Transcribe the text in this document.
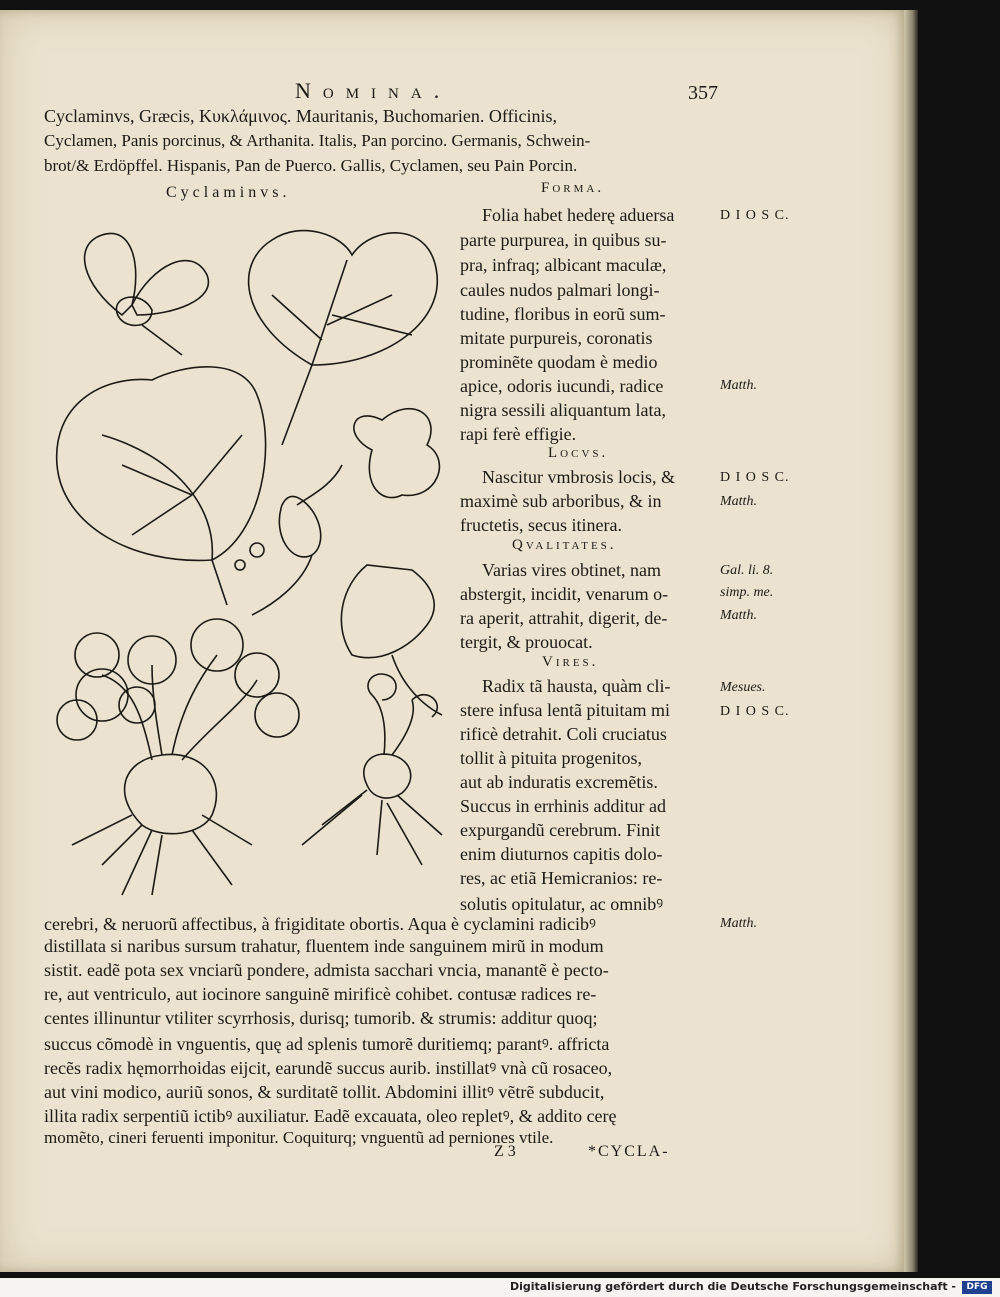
Nomina.	357
Cyclaminvs, Græcis, Κυκλάμινος. Mauritanis, Buchomarien. Officinis,
Cyclamen, Panis porcinus, & Arthanita. Italis, Pan porcino. Germanis, Schwein-
brot/& Erdöpffel. Hispanis, Pan de Puerco. Gallis, Cyclamen, seu Pain Porcin.
Cyclaminvs.	Forma.
Folia habet hederę aduersa
parte purpurea, in quibus su-
pra, infraq; albicant maculæ,
caules nudos palmari longi-
tudine, floribus in eorũ sum-
mitate purpureis, coronatis
prominẽte quodam è medio
apice, odoris iucundi, radice
nigra sessili aliquantum lata,
rapi ferè effigie.
Locvs.
Nascitur vmbrosis locis, &
maximè sub arboribus, & in
fructetis, secus itinera.
Qvalitates.
Varias vires obtinet, nam
abstergit, incidit, venarum o-
ra aperit, attrahit, digerit, de-
tergit, & prouocat.
Vires.
Radix tã hausta, quàm cli-
stere infusa lentã pituitam mi
rificè detrahit. Coli cruciatus
tollit à pituita progenitos,
aut ab induratis excremẽtis.
Succus in errhinis additur ad
expurgandũ cerebrum. Finit
enim diuturnos capitis dolo-
res, ac etiã Hemicranios: re-
solutis opitulatur, ac omnibꝰ
cerebri, & neruorũ affectibus, à frigiditate obortis. Aqua è cyclamini radicibꝰ
distillata si naribus sursum trahatur, fluentem inde sanguinem mirũ in modum
sistit. eadẽ pota sex vnciarũ pondere, admista sacchari vncia, manantẽ è pecto-
re, aut ventriculo, aut iocinore sanguinẽ mirificè cohibet. contusæ radices re-
centes illinuntur vtiliter scyrrhosis, durisq; tumorib. & strumis: additur quoq;
succus cõmodè in vnguentis, quę ad splenis tumorẽ duritiemq; parantꝰ. affricta
recẽs radix hęmorrhoidas eijcit, earundẽ succus aurib. instillatꝰ vnà cũ rosaceo,
aut vini modico, auriũ sonos, & surditatẽ tollit. Abdomini illitꝰ vẽtrẽ subducit,
illita radix serpentiũ ictibꝰ auxiliatur. Eadẽ excauata, oleo repletꝰ, & addito cerę
momẽto, cineri feruenti imponitur. Coquiturq; vnguentũ ad perniones vtile.
D I O S C.
Matth.
D I O S C.
Matth.
Gal. li. 8.
simp. me.
Matth.
Mesues.
D I O S C.
Matth.
Z 3	*CYCLA-
Digitalisierung gefördert durch die Deutsche Forschungsgemeinschaft -	DFG
